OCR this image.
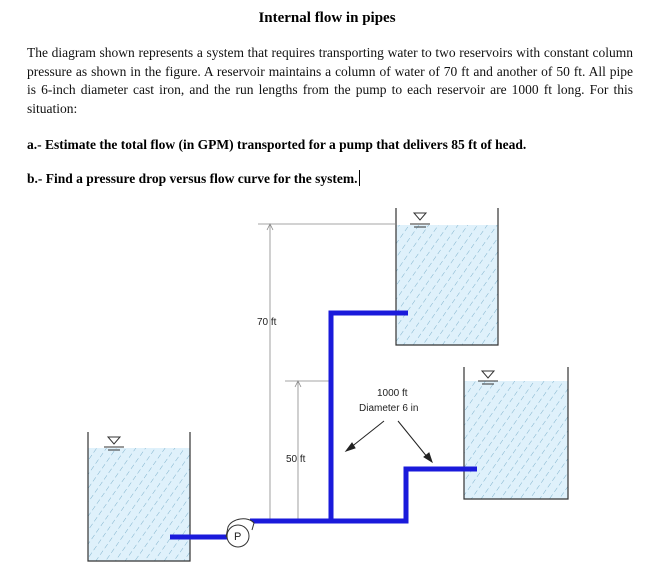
Internal flow in pipes
The diagram shown represents a system that requires transporting water to two reservoirs with constant column pressure as shown in the figure. A reservoir maintains a column of water of 70 ft and another of 50 ft. All pipe is 6-inch diameter cast iron, and the run lengths from the pump to each reservoir are 1000 ft long. For this situation:
a.- Estimate the total flow (in GPM) transported for a pump that delivers 85 ft of head.
b.- Find a pressure drop versus flow curve for the system.
70 ft
50 ft
P
1000 ft
Diameter 6 in
